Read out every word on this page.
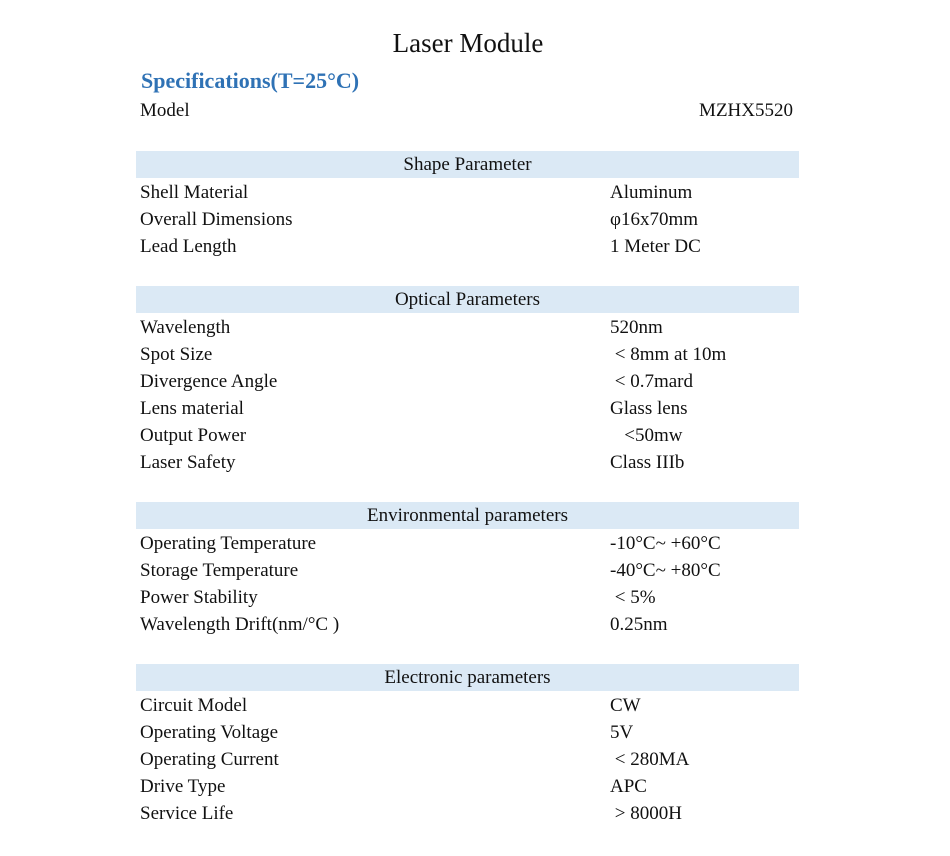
Laser Module
Specifications(T=25°C)
Model	MZHX5520
Shape Parameter
Shell Material	Aluminum
Overall Dimensions	φ16x70mm
Lead Length	1 Meter DC
Optical Parameters
Wavelength	520nm
Spot Size	< 8mm at 10m
Divergence Angle	< 0.7mard
Lens material	Glass lens
Output Power	<50mw
Laser Safety	Class IIIb
Environmental parameters
Operating Temperature	-10°C~ +60°C
Storage Temperature	-40°C~ +80°C
Power Stability	< 5%
Wavelength Drift(nm/°C )	0.25nm
Electronic parameters
Circuit Model	CW
Operating Voltage	5V
Operating Current	< 280MA
Drive Type	APC
Service Life	> 8000H
